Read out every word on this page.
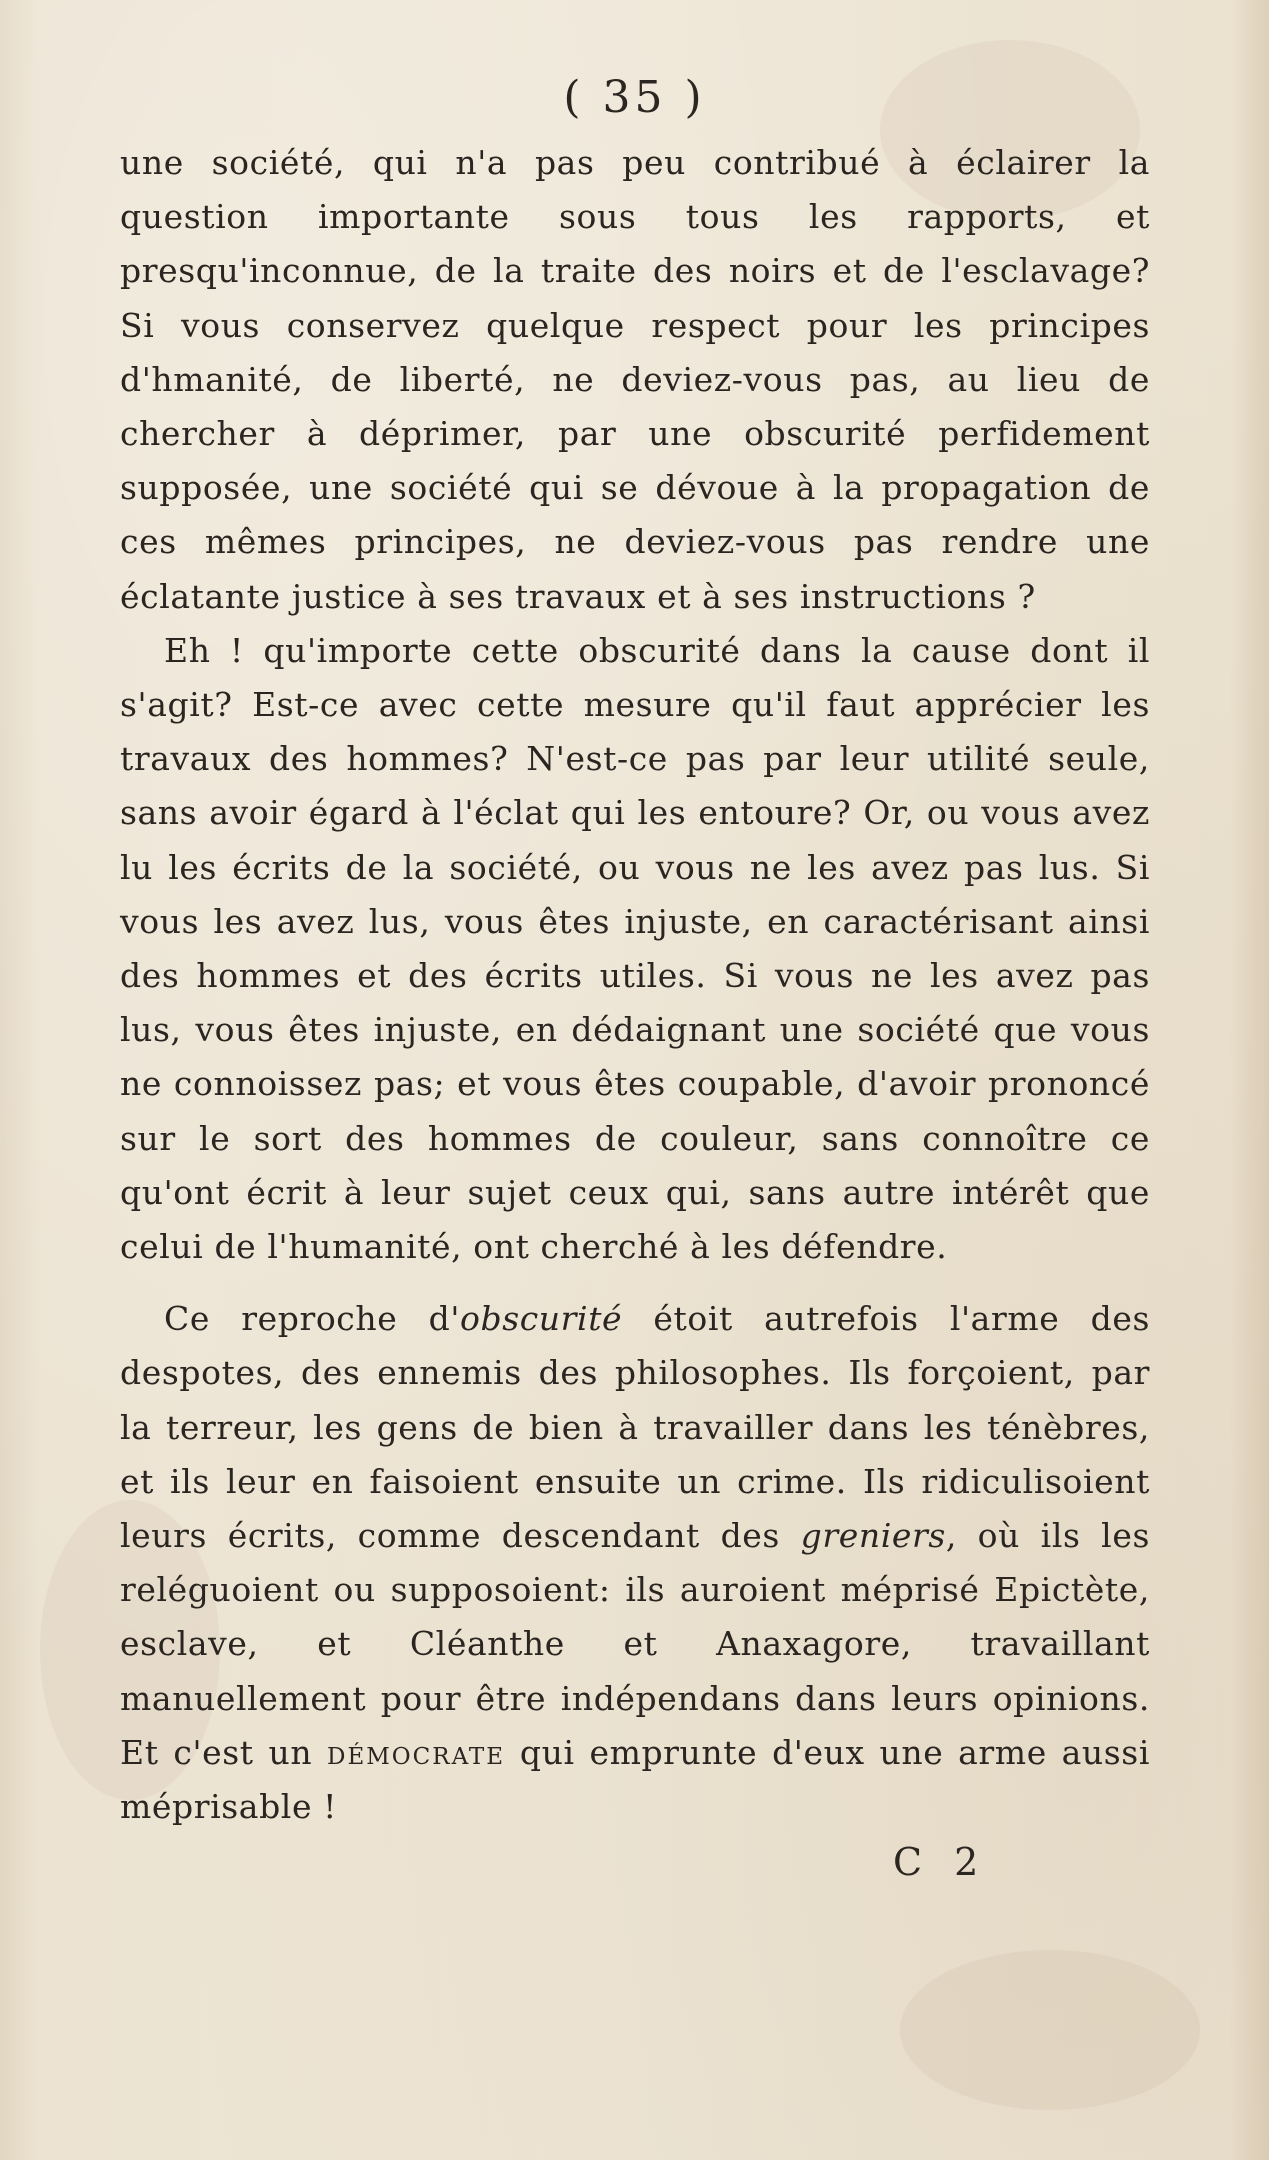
( 35 )

une société, qui n'a pas peu contribué à éclairer la question importante sous tous les rapports, et presqu'inconnue, de la traite des noirs et de l'esclavage? Si vous conservez quelque respect pour les principes d'hmanité, de liberté, ne deviez-vous pas, au lieu de chercher à déprimer, par une obscurité perfidement supposée, une société qui se dévoue à la propagation de ces mêmes principes, ne deviez-vous pas rendre une éclatante justice à ses travaux et à ses instructions ?

Eh ! qu'importe cette obscurité dans la cause dont il s'agit? Est-ce avec cette mesure qu'il faut apprécier les travaux des hommes? N'est-ce pas par leur utilité seule, sans avoir égard à l'éclat qui les entoure? Or, ou vous avez lu les écrits de la société, ou vous ne les avez pas lus. Si vous les avez lus, vous êtes injuste, en caractérisant ainsi des hommes et des écrits utiles. Si vous ne les avez pas lus, vous êtes injuste, en dédaignant une société que vous ne connoissez pas; et vous êtes coupable, d'avoir prononcé sur le sort des hommes de couleur, sans connoître ce qu'ont écrit à leur sujet ceux qui, sans autre intérêt que celui de l'humanité, ont cherché à les défendre.

Ce reproche d'obscurité étoit autrefois l'arme des despotes, des ennemis des philosophes. Ils forçoient, par la terreur, les gens de bien à travailler dans les ténèbres, et ils leur en faisoient ensuite un crime. Ils ridiculisoient leurs écrits, comme descendant des greniers, où ils les reléguoient ou supposoient: ils auroient méprisé Epictète, esclave, et Cléanthe et Anaxagore, travaillant manuellement pour être indépendans dans leurs opinions. Et c'est un démocrate qui emprunte d'eux une arme aussi méprisable !

C 2
